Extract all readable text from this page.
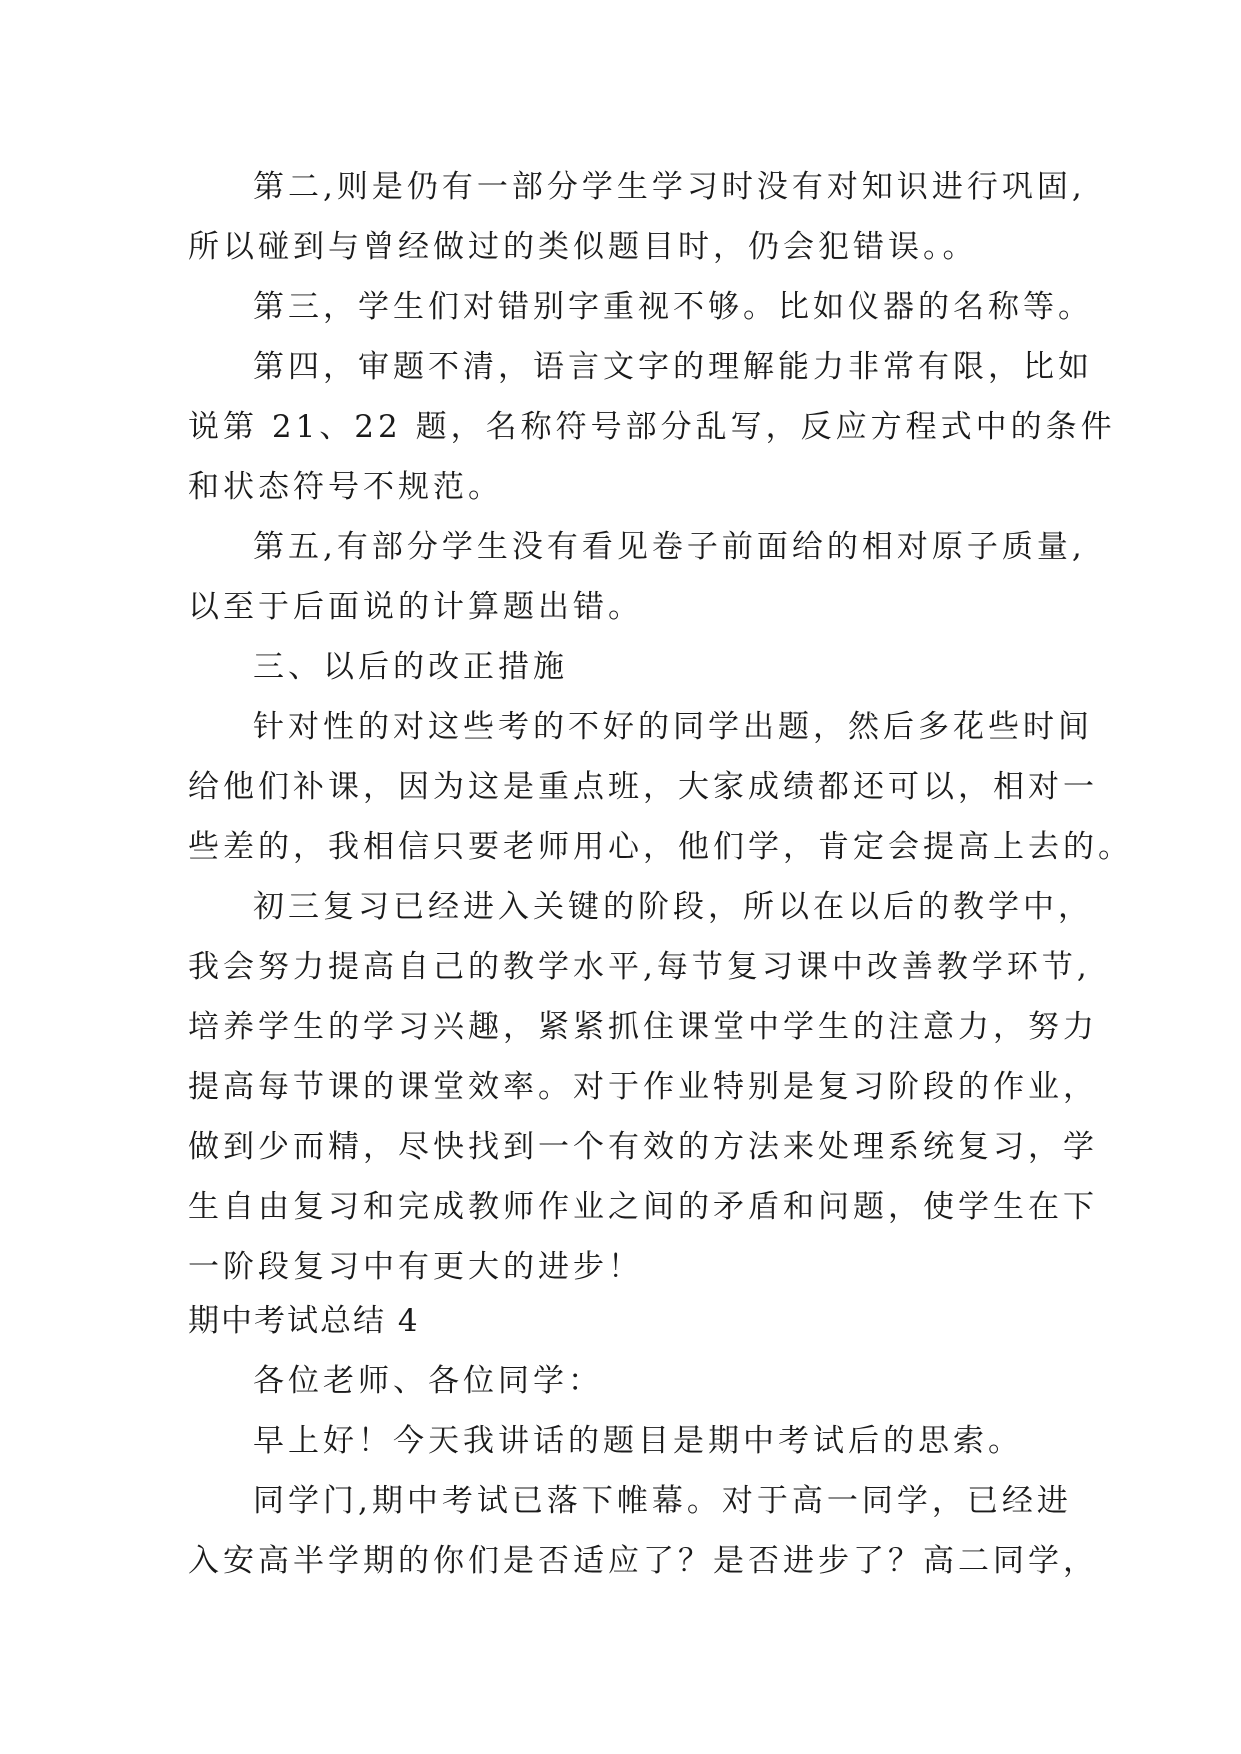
第二,则是仍有一部分学生学习时没有对知识进行巩固,
所以碰到与曾经做过的类似题目时，仍会犯错误。。
第三，学生们对错别字重视不够。比如仪器的名称等。
第四，审题不清，语言文字的理解能力非常有限，比如
说第 21、22 题，名称符号部分乱写，反应方程式中的条件
和状态符号不规范。
第五,有部分学生没有看见卷子前面给的相对原子质量,
以至于后面说的计算题出错。
三、以后的改正措施
针对性的对这些考的不好的同学出题，然后多花些时间
给他们补课，因为这是重点班，大家成绩都还可以，相对一
些差的，我相信只要老师用心，他们学，肯定会提高上去的。
初三复习已经进入关键的阶段，所以在以后的教学中，
我会努力提高自己的教学水平,每节复习课中改善教学环节,
培养学生的学习兴趣，紧紧抓住课堂中学生的注意力，努力
提高每节课的课堂效率。对于作业特别是复习阶段的作业，
做到少而精，尽快找到一个有效的方法来处理系统复习，学
生自由复习和完成教师作业之间的矛盾和问题，使学生在下
一阶段复习中有更大的进步！
期中考试总结 4
各位老师、各位同学：
早上好！今天我讲话的题目是期中考试后的思索。
同学门,期中考试已落下帷幕。对于高一同学，已经进
入安高半学期的你们是否适应了？是否进步了？高二同学，
